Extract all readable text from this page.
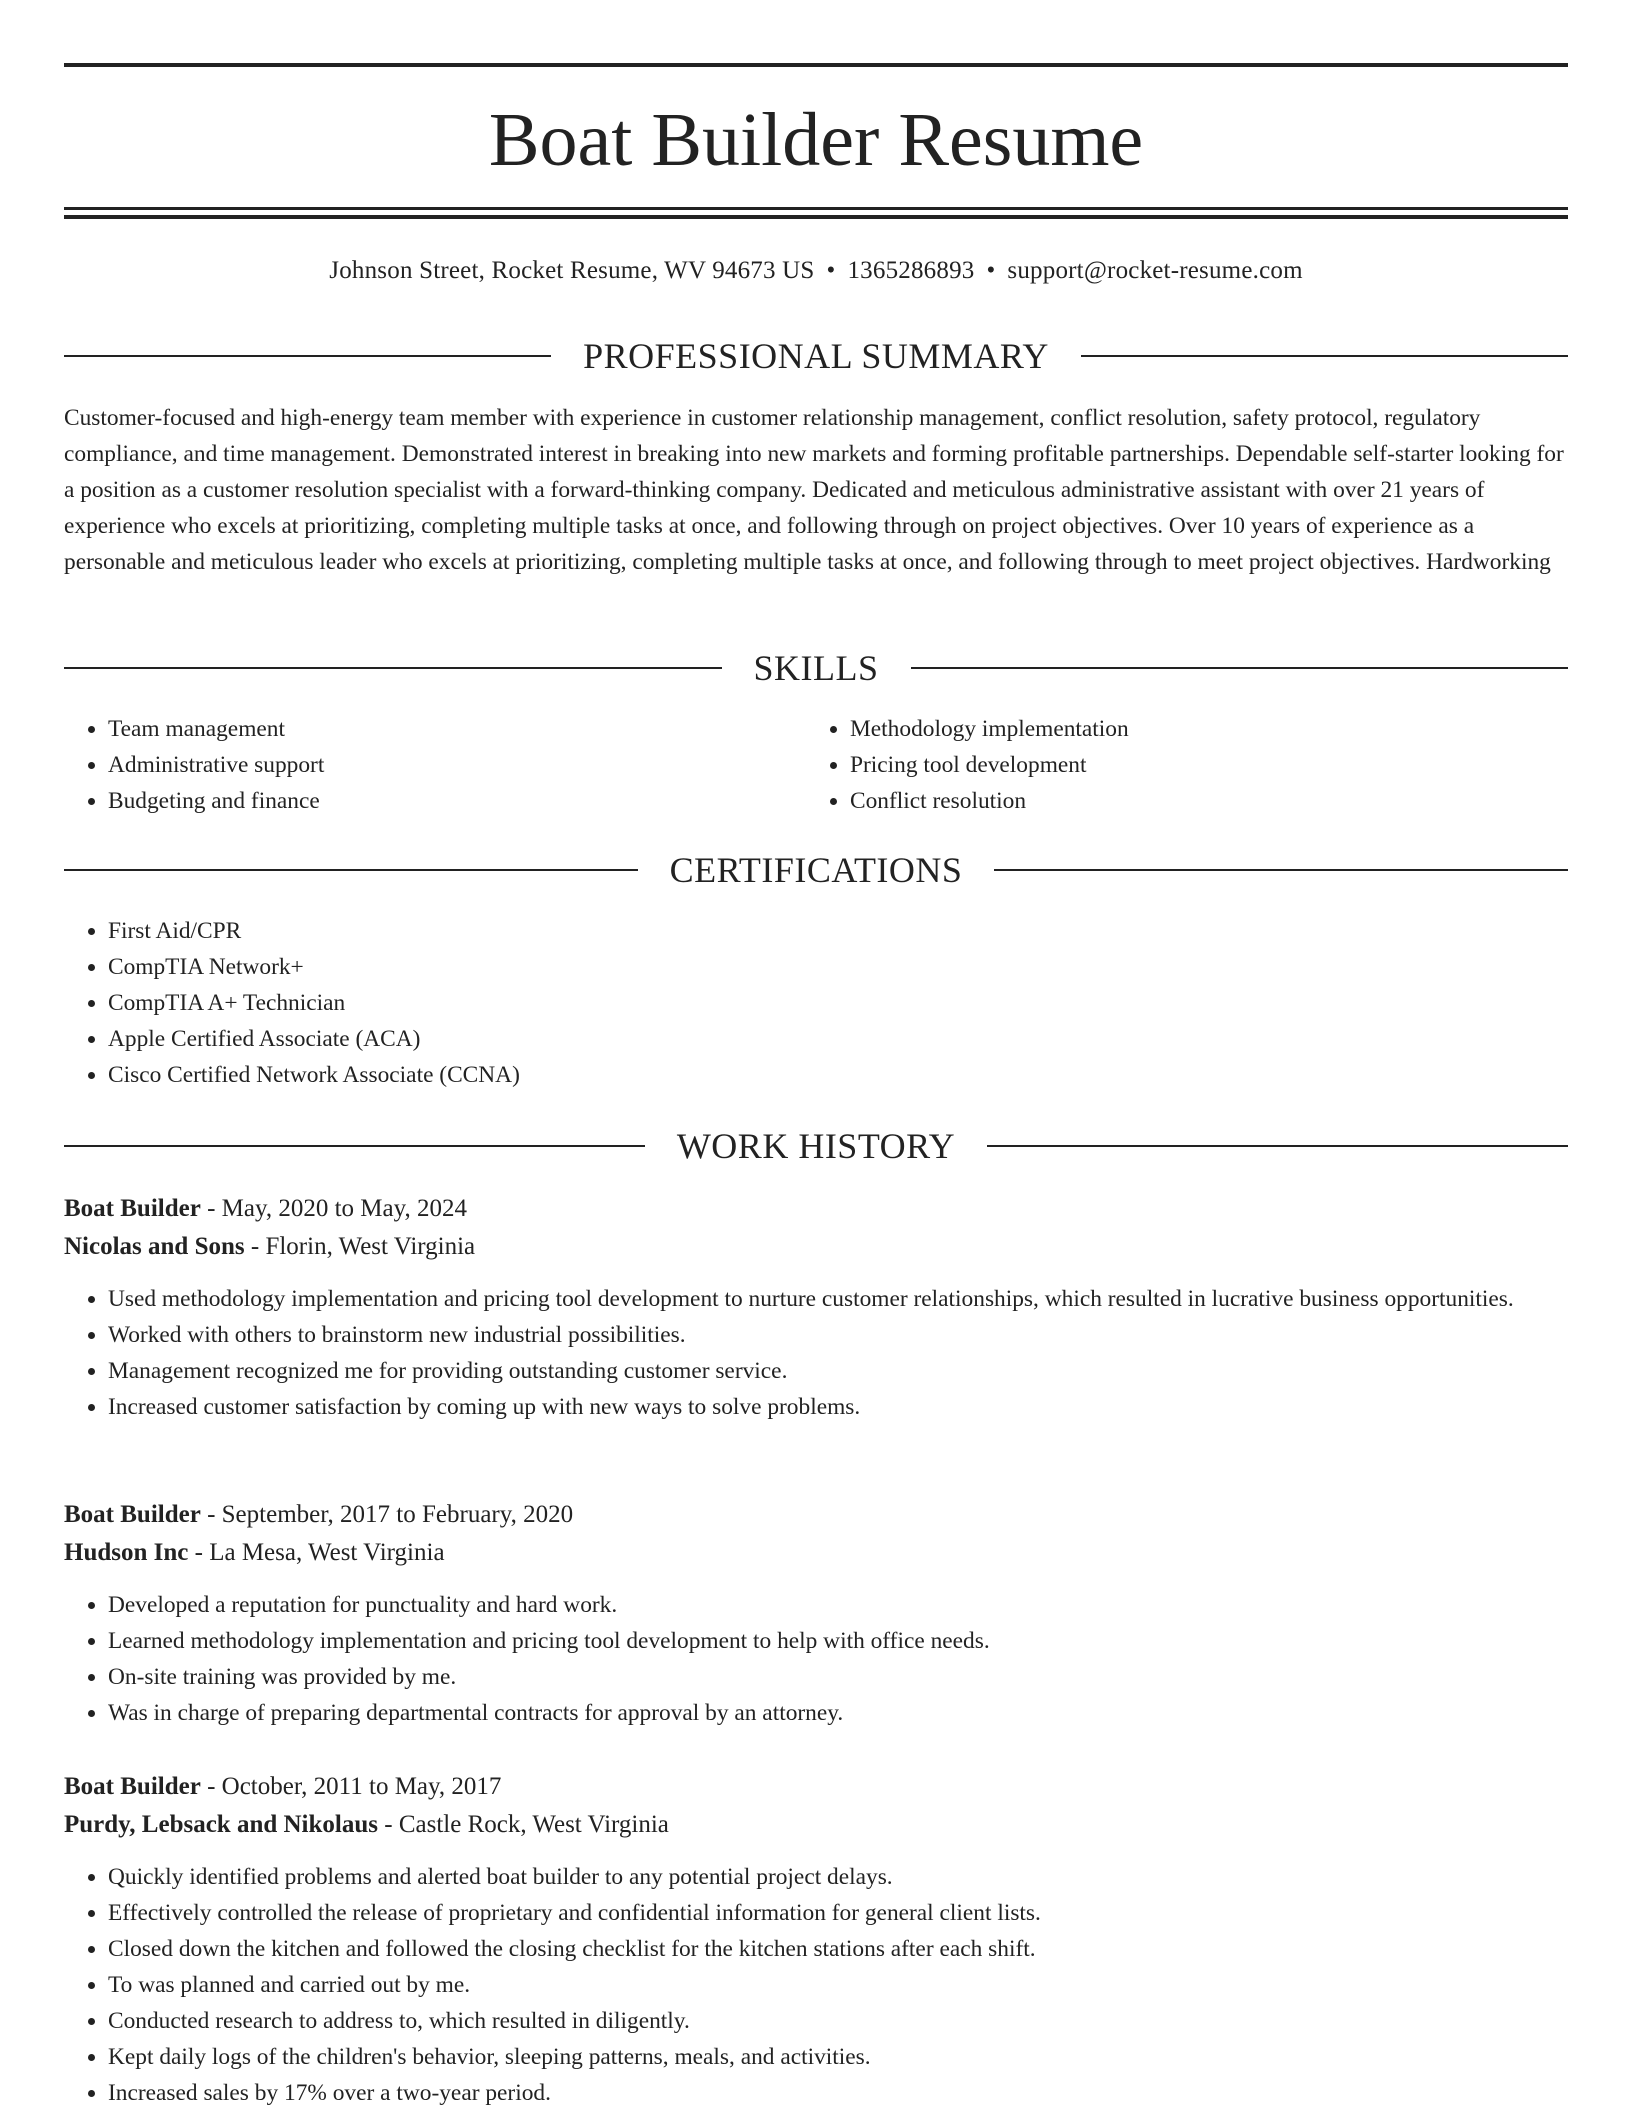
Boat Builder Resume
Johnson Street, Rocket Resume, WV 94673 US • 1365286893 • support@rocket-resume.com
PROFESSIONAL SUMMARY

Customer-focused and high-energy team member with experience in customer relationship management, conflict resolution, safety protocol, regulatory compliance, and time management. Demonstrated interest in breaking into new markets and forming profitable partnerships. Dependable self-starter looking for a position as a customer resolution specialist with a forward-thinking company. Dedicated and meticulous administrative assistant with over 21 years of experience who excels at prioritizing, completing multiple tasks at once, and following through on project objectives. Over 10 years of experience as a personable and meticulous leader who excels at prioritizing, completing multiple tasks at once, and following through to meet project objectives. Hardworking

SKILLS
• Team management
• Administrative support
• Budgeting and finance
• Methodology implementation
• Pricing tool development
• Conflict resolution
CERTIFICATIONS
• First Aid/CPR
• CompTIA Network+
• CompTIA A+ Technician
• Apple Certified Associate (ACA)
• Cisco Certified Network Associate (CCNA)
WORK HISTORY
Boat Builder - May, 2020 to May, 2024
Nicolas and Sons - Florin, West Virginia
• Used methodology implementation and pricing tool development to nurture customer relationships, which resulted in lucrative business opportunities.
• Worked with others to brainstorm new industrial possibilities.
• Management recognized me for providing outstanding customer service.
• Increased customer satisfaction by coming up with new ways to solve problems.
Boat Builder - September, 2017 to February, 2020
Hudson Inc - La Mesa, West Virginia
• Developed a reputation for punctuality and hard work.
• Learned methodology implementation and pricing tool development to help with office needs.
• On-site training was provided by me.
• Was in charge of preparing departmental contracts for approval by an attorney.
Boat Builder - October, 2011 to May, 2017
Purdy, Lebsack and Nikolaus - Castle Rock, West Virginia
• Quickly identified problems and alerted boat builder to any potential project delays.
• Effectively controlled the release of proprietary and confidential information for general client lists.
• Closed down the kitchen and followed the closing checklist for the kitchen stations after each shift.
• To was planned and carried out by me.
• Conducted research to address to, which resulted in diligently.
• Kept daily logs of the children's behavior, sleeping patterns, meals, and activities.
• Increased sales by 17% over a two-year period.
